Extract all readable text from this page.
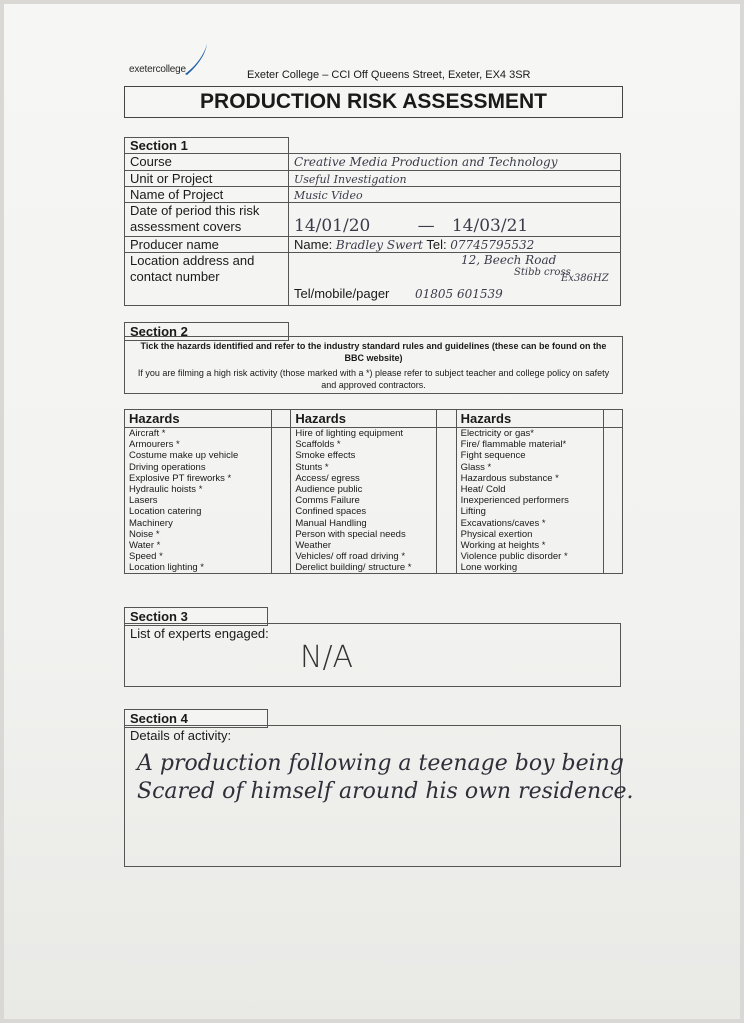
exetercollege	Exeter College – CCI Off Queens Street, Exeter, EX4 3SR
PRODUCTION RISK ASSESSMENT
Section 1	
Course	Creative Media Production and Technology
Unit or Project	Useful Investigation
Name of Project	Music Video
Date of period this risk assessment covers	14/01/20 — 14/03/21
Producer name	Name: Bradley Swert Tel: 07745795532
Location address and contact number	12, Beech Road
Stibb cross
Ex386HZ
Tel/mobile/pager 01805 601539
Section 2

Tick the hazards identified and refer to the industry standard rules and guidelines (these can be found on the BBC website)

If you are filming a high risk activity (those marked with a *) please refer to subject teacher and college policy on safety and approved contractors.

Hazards		Hazards		Hazards	
Aircraft *		Hire of lighting equipment		Electricity or gas*	
Armourers *		Scaffolds *		Fire/ flammable material*	
Costume make up vehicle		Smoke effects		Fight sequence	
Driving operations		Stunts *		Glass *	
Explosive PT fireworks *		Access/ egress		Hazardous substance *	
Hydraulic hoists *		Audience public		Heat/ Cold	
Lasers		Comms Failure		Inexperienced performers	
Location catering		Confined spaces		Lifting	
Machinery		Manual Handling		Excavations/caves *	
Noise *		Person with special needs		Physical exertion	
Water *		Weather		Working at heights *	
Speed *		Vehicles/ off road driving *		Violence public disorder *	
Location lighting *		Derelict building/ structure *		Lone working	
Section 3
List of experts engaged:
N/A
Section 4
Details of activity:
A production following a teenage boy being
Scared of himself around his own residence.
